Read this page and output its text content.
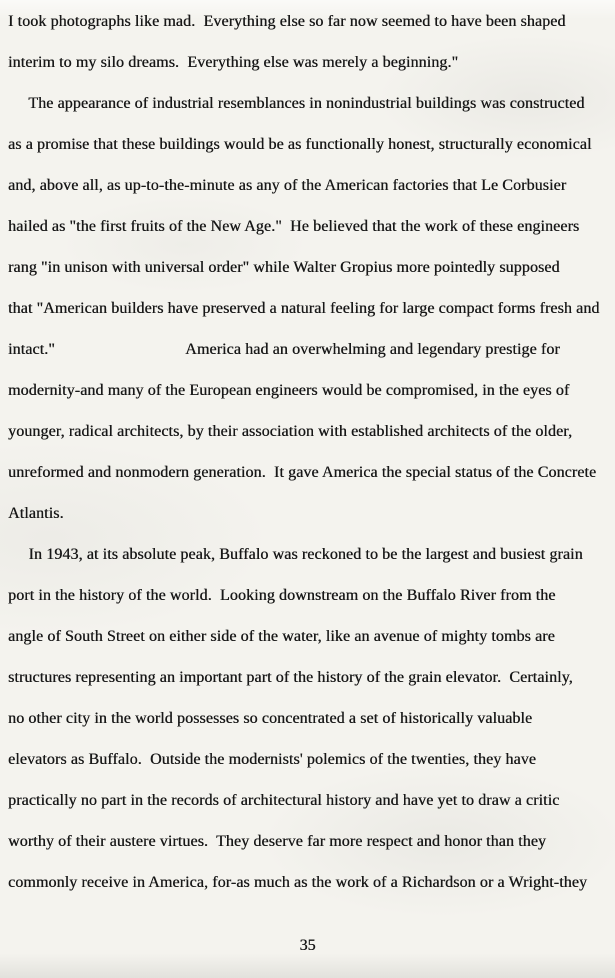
I took photographs like mad.  Everything else so far now seemed to have been shaped
interim to my silo dreams.  Everything else was merely a beginning."
The appearance of industrial resemblances in nonindustrial buildings was constructed
as a promise that these buildings would be as functionally honest, structurally economical
and, above all, as up-to-the-minute as any of the American factories that Le Corbusier
hailed as "the first fruits of the New Age."  He believed that the work of these engineers
rang "in unison with universal order" while Walter Gropius more pointedly supposed
that "American builders have preserved a natural feeling for large compact forms fresh and
intact."                                America had an overwhelming and legendary prestige for
modernity-and many of the European engineers would be compromised, in the eyes of
younger, radical architects, by their association with established architects of the older,
unreformed and nonmodern generation.  It gave America the special status of the Concrete
Atlantis.
In 1943, at its absolute peak, Buffalo was reckoned to be the largest and busiest grain
port in the history of the world.  Looking downstream on the Buffalo River from the
angle of South Street on either side of the water, like an avenue of mighty tombs are
structures representing an important part of the history of the grain elevator.  Certainly,
no other city in the world possesses so concentrated a set of historically valuable
elevators as Buffalo.  Outside the modernists' polemics of the twenties, they have
practically no part in the records of architectural history and have yet to draw a critic
worthy of their austere virtues.  They deserve far more respect and honor than they
commonly receive in America, for-as much as the work of a Richardson or a Wright-they
35
